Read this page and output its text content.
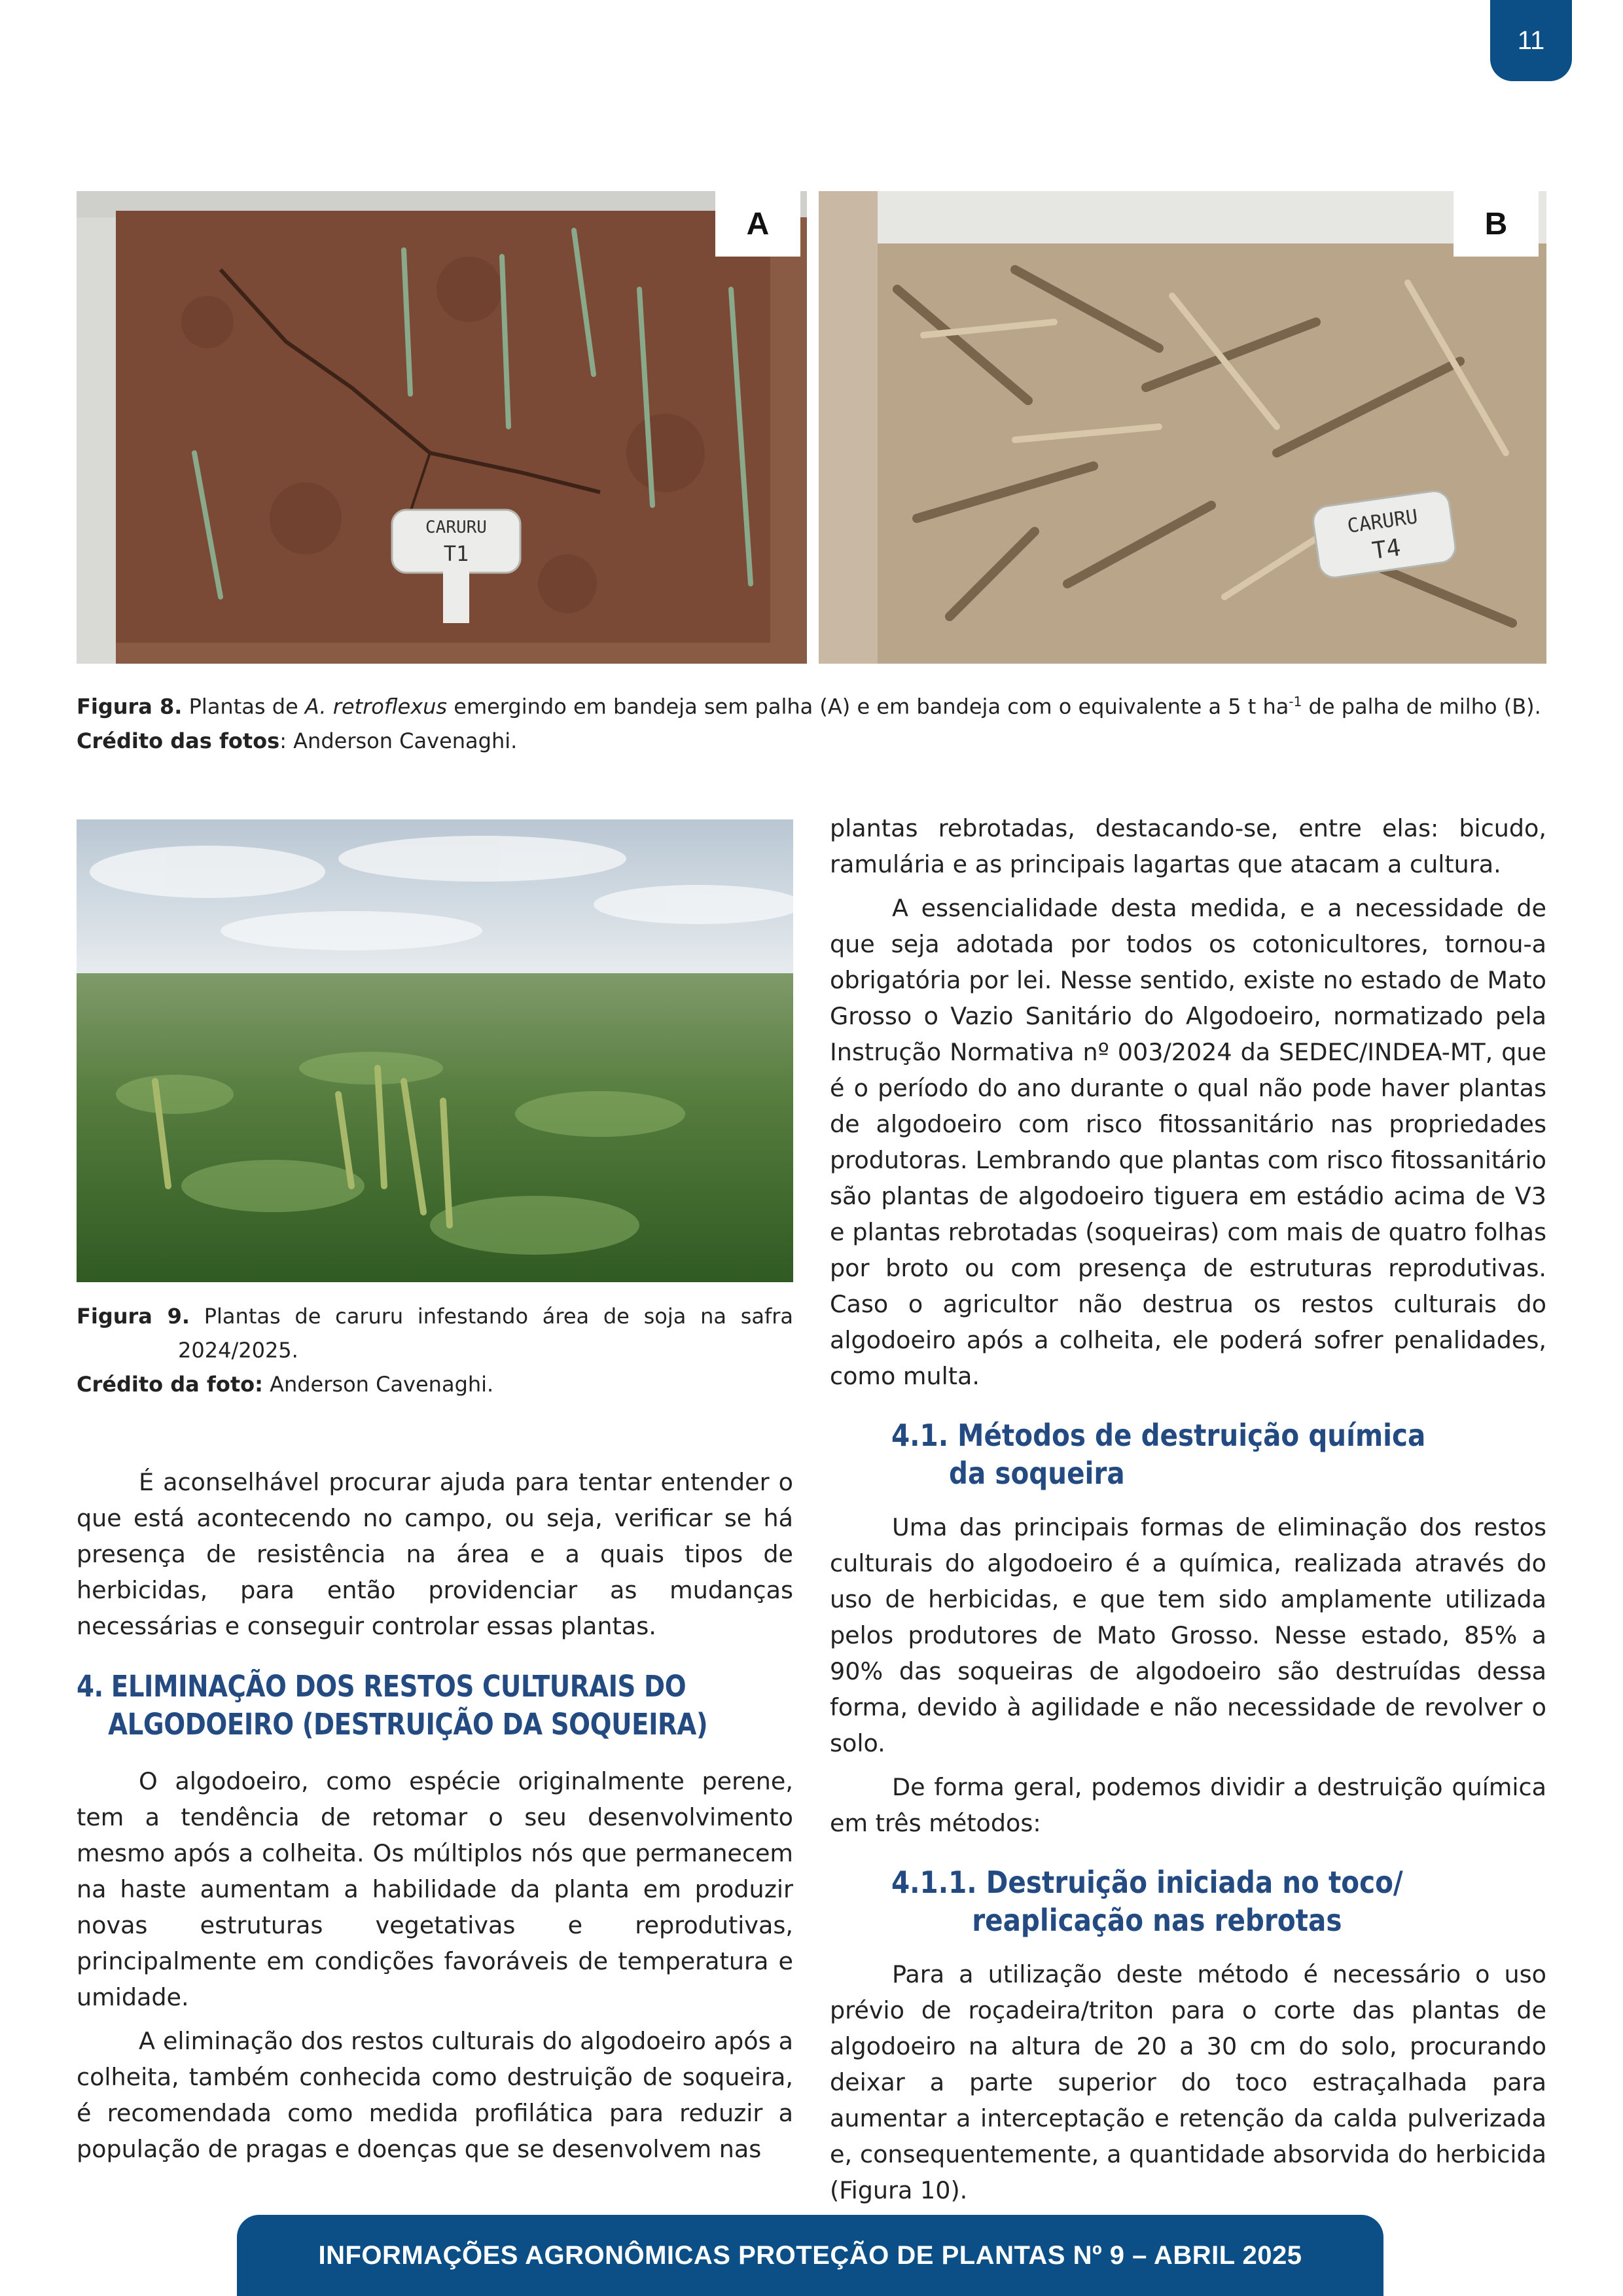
11
CARURU
T1
A
CARURU
T4
B
Figura 8. Plantas de A. retroflexus emergindo em bandeja sem palha (A) e em bandeja com o equivalente a 5 t $ha^{-1}$ de palha de milho (B).
Crédito das fotos: Anderson Cavenaghi.
Figura 9. Plantas de caruru infestando área de soja na safra 2024/2025.
Crédito da foto: Anderson Cavenaghi.

É aconselhável procurar ajuda para tentar entender o que está acontecendo no campo, ou seja, verificar se há presença de resistência na área e a quais tipos de herbicidas, para então providenciar as mudanças necessárias e conseguir controlar essas plantas.

4. ELIMINAÇÃO DOS RESTOS CULTURAIS DO
ALGODOEIRO (DESTRUIÇÃO DA SOQUEIRA)

O algodoeiro, como espécie originalmente perene, tem a tendência de retomar o seu desenvolvimento mesmo após a colheita. Os múltiplos nós que permanecem na haste aumentam a habilidade da planta em produzir novas estruturas vegetativas e reprodutivas, principalmente em condições favoráveis de temperatura e umidade.

A eliminação dos restos culturais do algodoeiro após a colheita, também conhecida como destruição de soqueira, é recomendada como medida profilática para reduzir a população de pragas e doenças que se desenvolvem nas

plantas rebrotadas, destacando-se, entre elas: bicudo, ramulária e as principais lagartas que atacam a cultura.

A essencialidade desta medida, e a necessidade de que seja adotada por todos os cotonicultores, tornou-a obrigatória por lei. Nesse sentido, existe no estado de Mato Grosso o Vazio Sanitário do Algodoeiro, normatizado pela Instrução Normativa nº 003/2024 da SEDEC/INDEA-MT, que é o período do ano durante o qual não pode haver plantas de algodoeiro com risco fitossanitário nas propriedades produtoras. Lembrando que plantas com risco fitossanitário são plantas de algodoeiro tiguera em estádio acima de V3 e plantas rebrotadas (soqueiras) com mais de quatro folhas por broto ou com presença de estruturas reprodutivas. Caso o agricultor não destrua os restos culturais do algodoeiro após a colheita, ele poderá sofrer penalidades, como multa.

4.1. Métodos de destruição química
da soqueira

Uma das principais formas de eliminação dos restos culturais do algodoeiro é a química, realizada através do uso de herbicidas, e que tem sido amplamente utilizada pelos produtores de Mato Grosso. Nesse estado, 85% a 90% das soqueiras de algodoeiro são destruídas dessa forma, devido à agilidade e não necessidade de revolver o solo.

De forma geral, podemos dividir a destruição química em três métodos:

4.1.1. Destruição iniciada no toco/
reaplicação nas rebrotas

Para a utilização deste método é necessário o uso prévio de roçadeira/triton para o corte das plantas de algodoeiro na altura de 20 a 30 cm do solo, procurando deixar a parte superior do toco estraçalhada para aumentar a interceptação e retenção da calda pulverizada e, consequentemente, a quantidade absorvida do herbicida (Figura 10).

INFORMAÇÕES AGRONÔMICAS PROTEÇÃO DE PLANTAS Nº 9 – ABRIL 2025
